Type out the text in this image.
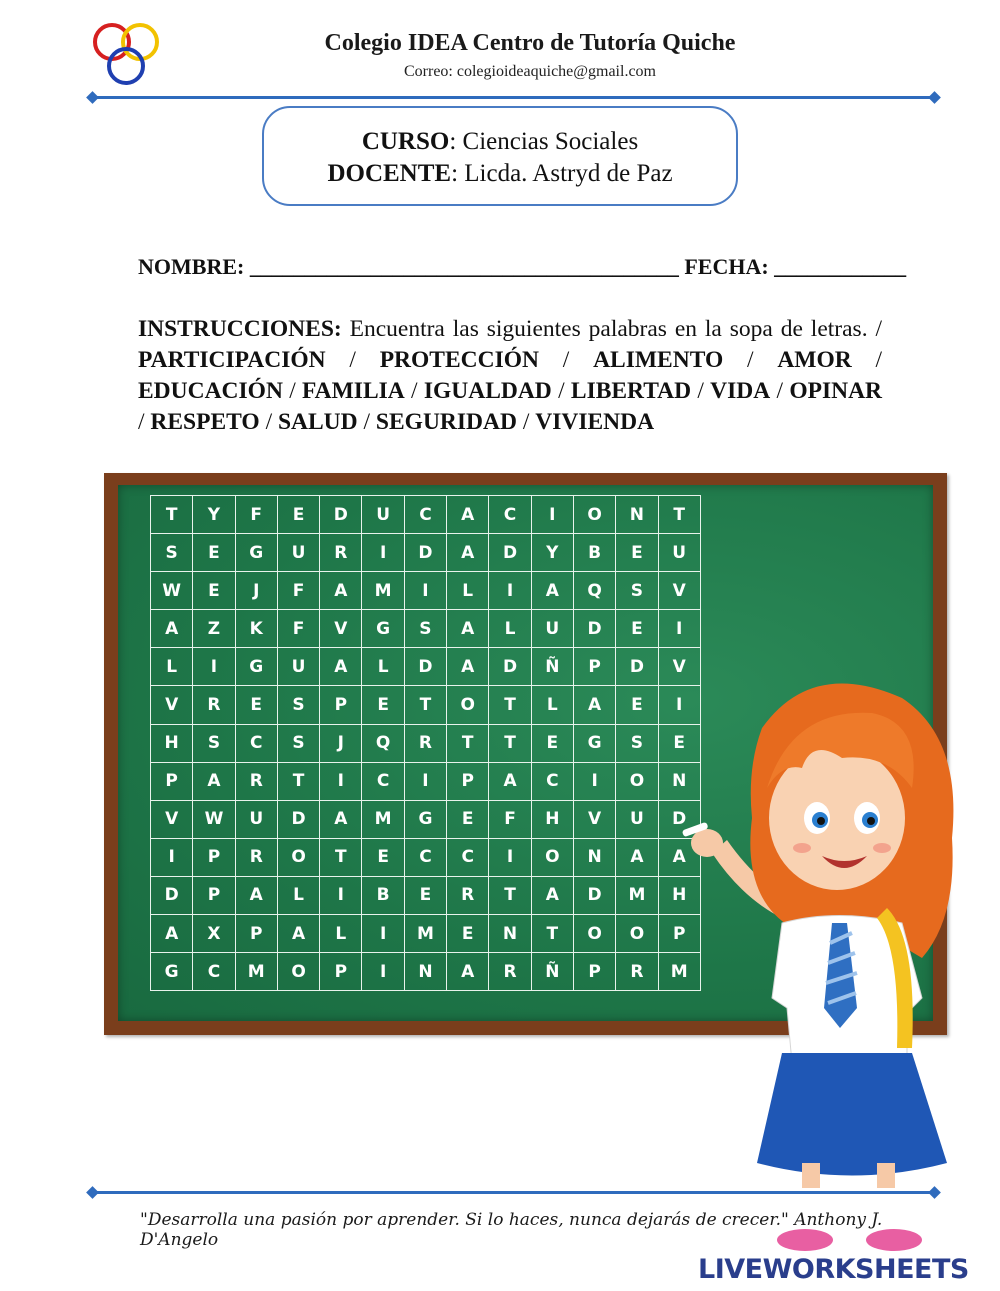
Colegio IDEA Centro de Tutoría Quiche
Correo: colegioideaquiche@gmail.com
CURSO: Ciencias Sociales
DOCENTE: Licda. Astryd de Paz
NOMBRE: _______________________________________ FECHA: ____________
INSTRUCCIONES: Encuentra las siguientes palabras en la sopa de letras. / PARTICIPACIÓN / PROTECCIÓN / ALIMENTO / AMOR / EDUCACIÓN / FAMILIA / IGUALDAD / LIBERTAD / VIDA / OPINAR / RESPETO / SALUD / SEGURIDAD / VIVIENDA
T	Y	F	E	D	U	C	A	C	I	O	N	T
S	E	G	U	R	I	D	A	D	Y	B	E	U
W	E	J	F	A	M	I	L	I	A	Q	S	V
A	Z	K	F	V	G	S	A	L	U	D	E	I
L	I	G	U	A	L	D	A	D	Ñ	P	D	V
V	R	E	S	P	E	T	O	T	L	A	E	I
H	S	C	S	J	Q	R	T	T	E	G	S	E
P	A	R	T	I	C	I	P	A	C	I	O	N
V	W	U	D	A	M	G	E	F	H	V	U	D
I	P	R	O	T	E	C	C	I	O	N	A	A
D	P	A	L	I	B	E	R	T	A	D	M	H
A	X	P	A	L	I	M	E	N	T	O	O	P
G	C	M	O	P	I	N	A	R	Ñ	P	R	M
"Desarrolla una pasión por aprender. Si lo haces, nunca dejarás de crecer." Anthony J. D'Angelo
LIVEWORKSHEETS
